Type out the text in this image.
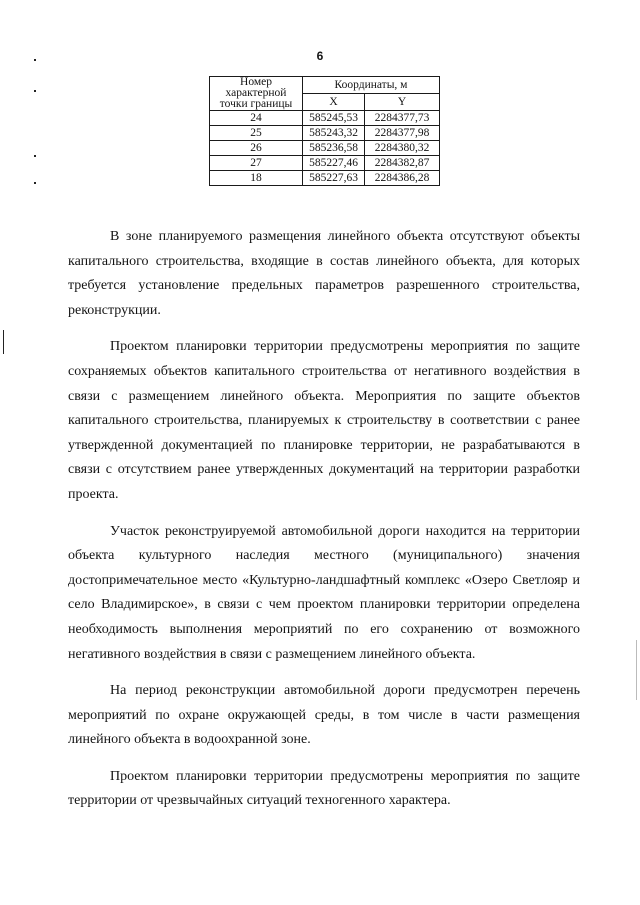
6
Номер характерной точки границы	Координаты, м	
	X	Y
24	585245,53	2284377,73
25	585243,32	2284377,98
26	585236,58	2284380,32
27	585227,46	2284382,87
18	585227,63	2284386,28

В зоне планируемого размещения линейного объекта отсутствуют объекты капитального строительства, входящие в состав линейного объекта, для которых требуется установление предельных параметров разрешенного строительства, реконструкции.

Проектом планировки территории предусмотрены мероприятия по защите сохраняемых объектов капитального строительства от негативного воздействия в связи с размещением линейного объекта. Мероприятия по защите объектов капитального строительства, планируемых к строительству в соответствии с ранее утвержденной документацией по планировке территории, не разрабатываются в связи с отсутствием ранее утвержденных документаций на территории разработки проекта.

Участок реконструируемой автомобильной дороги находится на территории объекта культурного наследия местного (муниципального) значения достопримечательное место «Культурно-ландшафтный комплекс «Озеро Светлояр и село Владимирское», в связи с чем проектом планировки территории определена необходимость выполнения мероприятий по его сохранению от возможного негативного воздействия в связи с размещением линейного объекта.

На период реконструкции автомобильной дороги предусмотрен перечень мероприятий по охране окружающей среды, в том числе в части размещения линейного объекта в водоохранной зоне.

Проектом планировки территории предусмотрены мероприятия по защите территории от чрезвычайных ситуаций техногенного характера.
